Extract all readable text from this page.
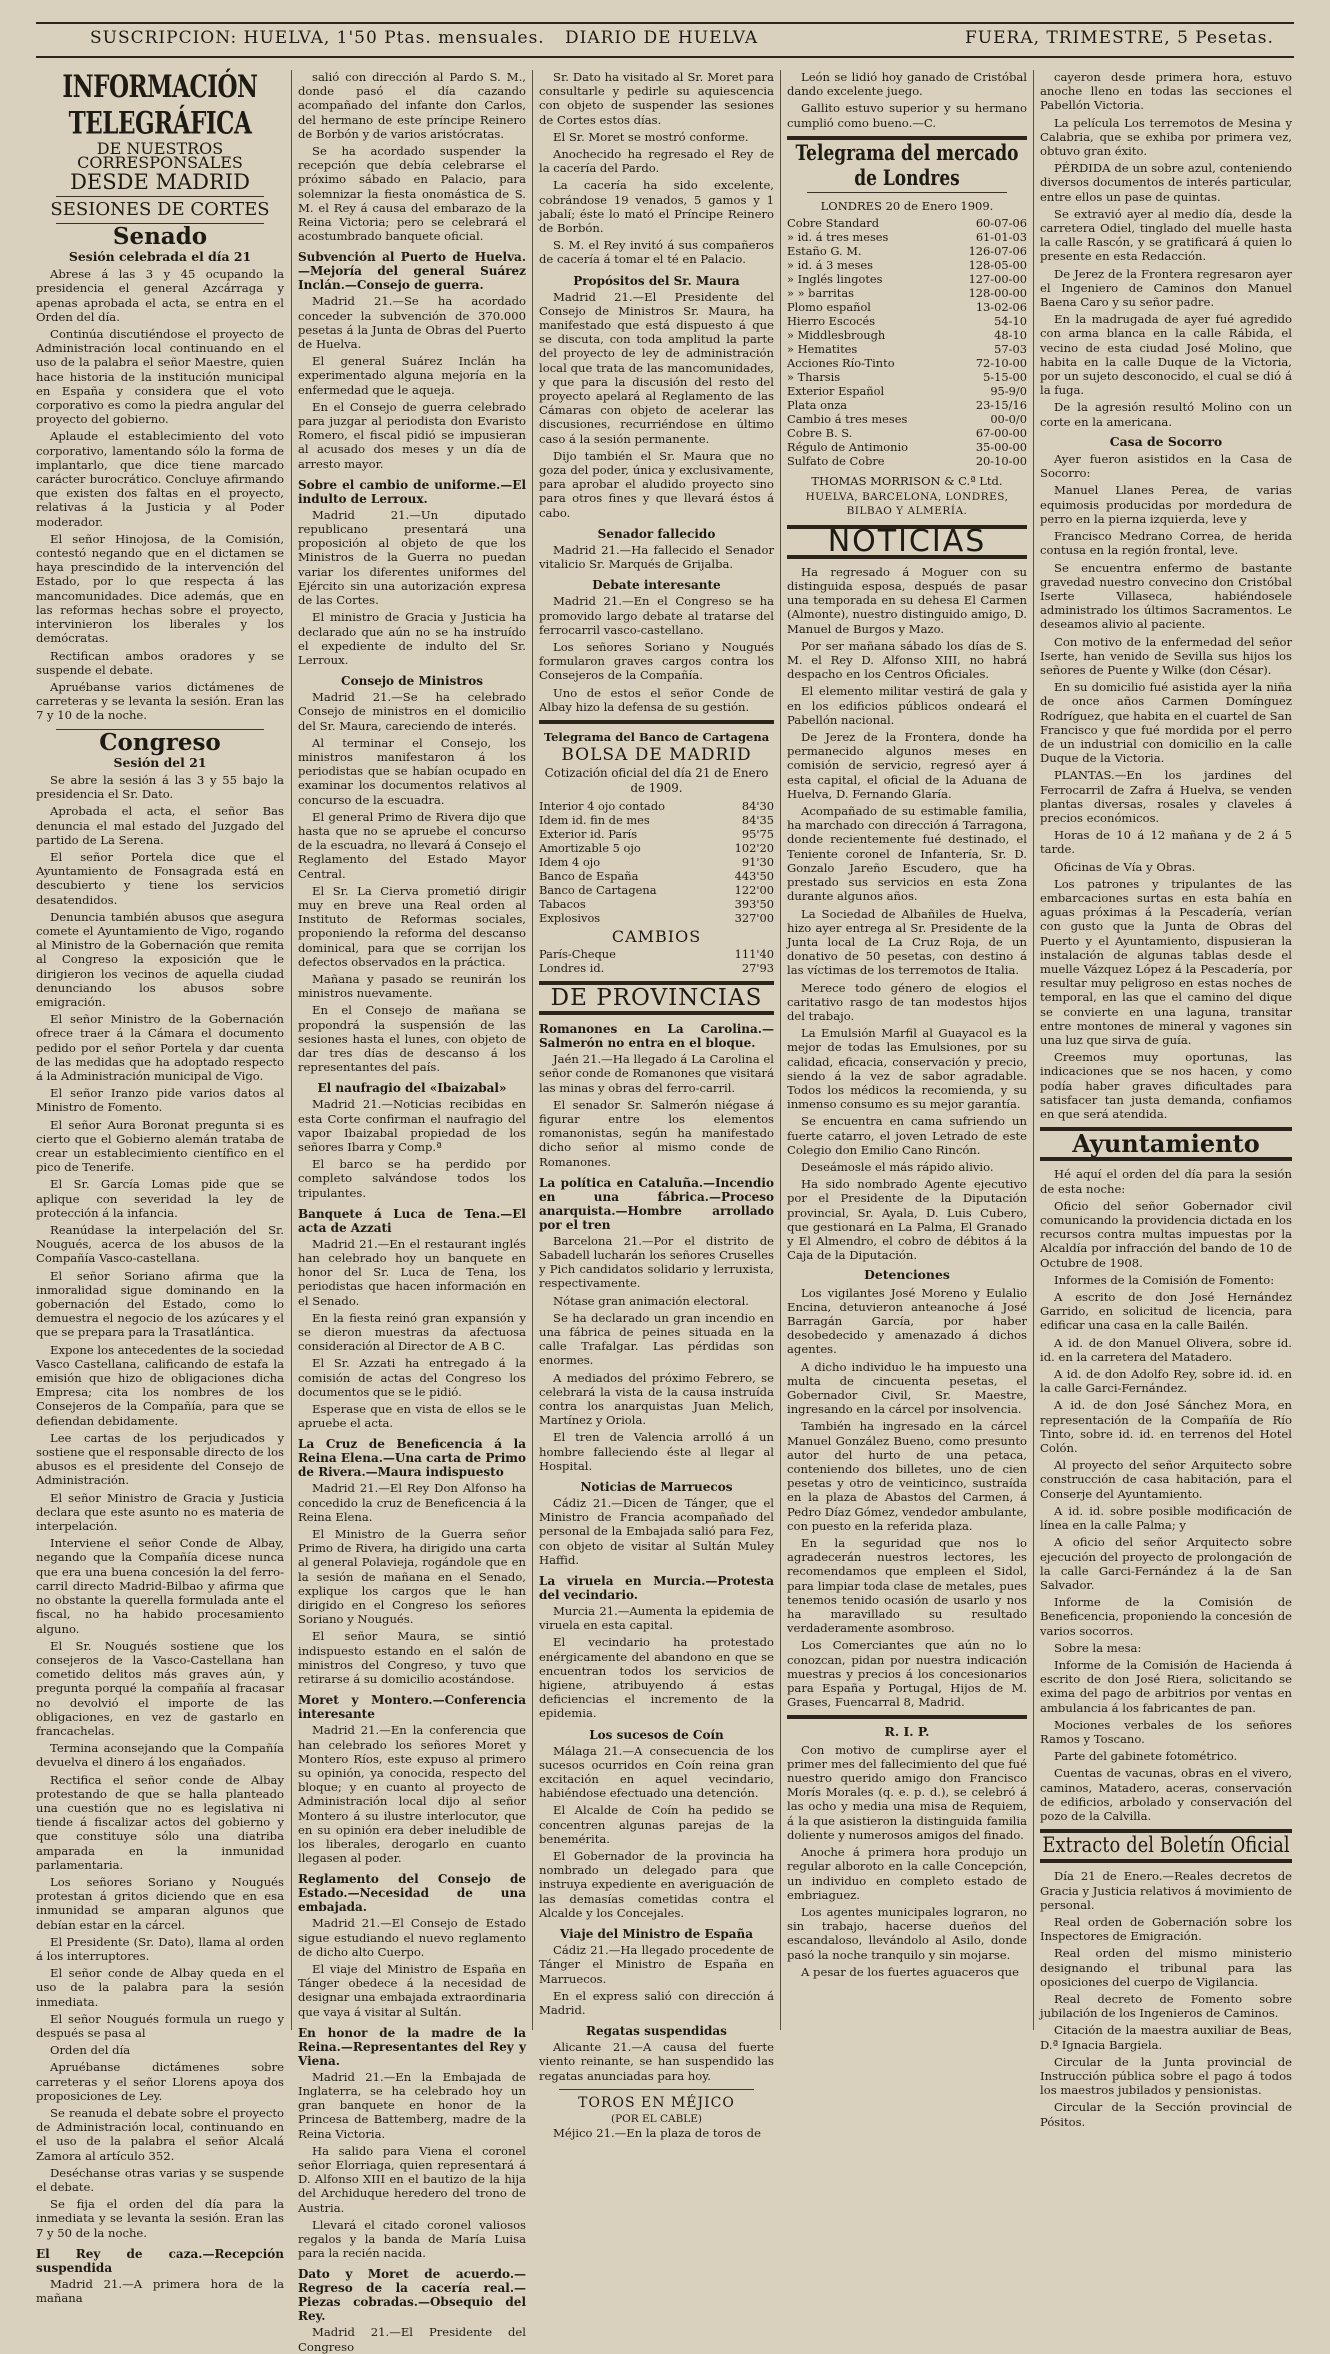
SUSCRIPCION: HUELVA, 1'50 Ptas. mensuales. DIARIO DE HUELVA	FUERA, TRIMESTRE, 5 Pesetas.
INFORMACIÓN TELEGRÁFICA
DE NUESTROS CORRESPONSALES
DESDE MADRID
SESIONES DE CORTES
Senado
Sesión celebrada el día 21

Abrese á las 3 y 45 ocupando la presidencia el general Azcárraga y apenas aprobada el acta, se entra en el Orden del día.

Continúa discutiéndose el proyecto de Administración local continuando en el uso de la palabra el señor Maestre, quien hace historia de la institución municipal en España y considera que el voto corporativo es como la piedra angular del proyecto del gobierno.

Aplaude el establecimiento del voto corporativo, lamentando sólo la forma de implantarlo, que dice tiene marcado carácter burocrático. Concluye afirmando que existen dos faltas en el proyecto, relativas á la Justicia y al Poder moderador.

El señor Hinojosa, de la Comisión, contestó negando que en el dictamen se haya prescindido de la intervención del Estado, por lo que respecta á las mancomunidades. Dice además, que en las reformas hechas sobre el proyecto, intervinieron los liberales y los demócratas.

Rectifican ambos oradores y se suspende el debate.

Apruébanse varios dictámenes de carreteras y se levanta la sesión. Eran las 7 y 10 de la noche.

Congreso
Sesión del 21

Se abre la sesión á las 3 y 55 bajo la presidencia el Sr. Dato.

Aprobada el acta, el señor Bas denuncia el mal estado del Juzgado del partido de La Serena.

El señor Portela dice que el Ayuntamiento de Fonsagrada está en descubierto y tiene los servicios desatendidos.

Denuncia también abusos que asegura comete el Ayuntamiento de Vigo, rogando al Ministro de la Gobernación que remita al Congreso la exposición que le dirigieron los vecinos de aquella ciudad denunciando los abusos sobre emigración.

El señor Ministro de la Gobernación ofrece traer á la Cámara el documento pedido por el señor Portela y dar cuenta de las medidas que ha adoptado respecto á la Administración municipal de Vigo.

El señor Iranzo pide varios datos al Ministro de Fomento.

El señor Aura Boronat pregunta si es cierto que el Gobierno alemán trataba de crear un establecimiento científico en el pico de Tenerife.

El Sr. García Lomas pide que se aplique con severidad la ley de protección á la infancia.

Reanúdase la interpelación del Sr. Nougués, acerca de los abusos de la Compañía Vasco-castellana.

El señor Soriano afirma que la inmoralidad sigue dominando en la gobernación del Estado, como lo demuestra el negocio de los azúcares y el que se prepara para la Trasatlántica.

Expone los antecedentes de la sociedad Vasco Castellana, calificando de estafa la emisión que hizo de obligaciones dicha Empresa; cita los nombres de los Consejeros de la Compañía, para que se defiendan debidamente.

Lee cartas de los perjudicados y sostiene que el responsable directo de los abusos es el presidente del Consejo de Administración.

El señor Ministro de Gracia y Justicia declara que este asunto no es materia de interpelación.

Interviene el señor Conde de Albay, negando que la Compañía dicese nunca que era una buena concesión la del ferro-carril directo Madrid-Bilbao y afirma que no obstante la querella formulada ante el fiscal, no ha habido procesamiento alguno.

El Sr. Nougués sostiene que los consejeros de la Vasco-Castellana han cometido delitos más graves aún, y pregunta porqué la compañía al fracasar no devolvió el importe de las obligaciones, en vez de gastarlo en francachelas.

Termina aconsejando que la Compañía devuelva el dinero á los engañados.

Rectifica el señor conde de Albay protestando de que se halla planteado una cuestión que no es legislativa ni tiende á fiscalizar actos del gobierno y que constituye sólo una diatriba amparada en la inmunidad parlamentaria.

Los señores Soriano y Nougués protestan á gritos diciendo que en esa inmunidad se amparan algunos que debían estar en la cárcel.

El Presidente (Sr. Dato), llama al orden á los interruptores.

El señor conde de Albay queda en el uso de la palabra para la sesión inmediata.

El señor Nougués formula un ruego y después se pasa al

Orden del día

Apruébanse dictámenes sobre carreteras y el señor Llorens apoya dos proposiciones de Ley.

Se reanuda el debate sobre el proyecto de Administración local, continuando en el uso de la palabra el señor Alcalá Zamora al artículo 352.

Deséchanse otras varias y se suspende el debate.

Se fija el orden del día para la inmediata y se levanta la sesión. Eran las 7 y 50 de la noche.

El Rey de caza.—Recepción suspendida

Madrid 21.—A primera hora de la mañana

salió con dirección al Pardo S. M., donde pasó el día cazando acompañado del infante don Carlos, del hermano de este príncipe Reinero de Borbón y de varios aristócratas.

Se ha acordado suspender la recepción que debía celebrarse el próximo sábado en Palacio, para solemnizar la fiesta onomástica de S. M. el Rey á causa del embarazo de la Reina Victoria; pero se celebrará el acostumbrado banquete oficial.

Subvención al Puerto de Huelva.—Mejoría del general Suárez Inclán.—Consejo de guerra.

Madrid 21.—Se ha acordado conceder la subvención de 370.000 pesetas á la Junta de Obras del Puerto de Huelva.

El general Suárez Inclán ha experimentado alguna mejoría en la enfermedad que le aqueja.

En el Consejo de guerra celebrado para juzgar al periodista don Evaristo Romero, el fiscal pidió se impusieran al acusado dos meses y un día de arresto mayor.

Sobre el cambio de uniforme.—El indulto de Lerroux.

Madrid 21.—Un diputado republicano presentará una proposición al objeto de que los Ministros de la Guerra no puedan variar los diferentes uniformes del Ejército sin una autorización expresa de las Cortes.

El ministro de Gracia y Justicia ha declarado que aún no se ha instruído el expediente de indulto del Sr. Lerroux.

Consejo de Ministros

Madrid 21.—Se ha celebrado Consejo de ministros en el domicilio del Sr. Maura, careciendo de interés.

Al terminar el Consejo, los ministros manifestaron á los periodistas que se habían ocupado en examinar los documentos relativos al concurso de la escuadra.

El general Primo de Rivera dijo que hasta que no se apruebe el concurso de la escuadra, no llevará á Consejo el Reglamento del Estado Mayor Central.

El Sr. La Cierva prometió dirigir muy en breve una Real orden al Instituto de Reformas sociales, proponiendo la reforma del descanso dominical, para que se corrijan los defectos observados en la práctica.

Mañana y pasado se reunirán los ministros nuevamente.

En el Consejo de mañana se propondrá la suspensión de las sesiones hasta el lunes, con objeto de dar tres días de descanso á los representantes del país.

El naufragio del «Ibaizabal»

Madrid 21.—Noticias recibidas en esta Corte confirman el naufragio del vapor Ibaizabal propiedad de los señores Ibarra y Comp.ª

El barco se ha perdido por completo salvándose todos los tripulantes.

Banquete á Luca de Tena.—El acta de Azzati

Madrid 21.—En el restaurant inglés han celebrado hoy un banquete en honor del Sr. Luca de Tena, los periodistas que hacen información en el Senado.

En la fiesta reinó gran expansión y se dieron muestras da afectuosa consideración al Director de A B C.

El Sr. Azzati ha entregado á la comisión de actas del Congreso los documentos que se le pidió.

Esperase que en vista de ellos se le apruebe el acta.

La Cruz de Beneficencia á la Reina Elena.—Una carta de Primo de Rivera.—Maura indispuesto

Madrid 21.—El Rey Don Alfonso ha concedido la cruz de Beneficencia á la Reina Elena.

El Ministro de la Guerra señor Primo de Rivera, ha dirigido una carta al general Polavieja, rogándole que en la sesión de mañana en el Senado, explique los cargos que le han dirigido en el Congreso los señores Soriano y Nougués.

El señor Maura, se sintió indispuesto estando en el salón de ministros del Congreso, y tuvo que retirarse á su domicilio acostándose.

Moret y Montero.—Conferencia interesante

Madrid 21.—En la conferencia que han celebrado los señores Moret y Montero Ríos, este expuso al primero su opinión, ya conocida, respecto del bloque; y en cuanto al proyecto de Administración local dijo al señor Montero á su ilustre interlocutor, que en su opinión era deber ineludible de los liberales, derogarlo en cuanto llegasen al poder.

Reglamento del Consejo de Estado.—Necesidad de una embajada.

Madrid 21.—El Consejo de Estado sigue estudiando el nuevo reglamento de dicho alto Cuerpo.

El viaje del Ministro de España en Tánger obedece á la necesidad de designar una embajada extraordinaria que vaya á visitar al Sultán.

En honor de la madre de la Reina.—Representantes del Rey y Viena.

Madrid 21.—En la Embajada de Inglaterra, se ha celebrado hoy un gran banquete en honor de la Princesa de Battemberg, madre de la Reina Victoria.

Ha salido para Viena el coronel señor Elorriaga, quien representará á D. Alfonso XIII en el bautizo de la hija del Archiduque heredero del trono de Austria.

Llevará el citado coronel valiosos regalos y la banda de María Luisa para la recién nacida.

Dato y Moret de acuerdo.—Regreso de la cacería real.—Piezas cobradas.—Obsequio del Rey.

Madrid 21.—El Presidente del Congreso

Sr. Dato ha visitado al Sr. Moret para consultarle y pedirle su aquiescencia con objeto de suspender las sesiones de Cortes estos días.

El Sr. Moret se mostró conforme.

Anochecido ha regresado el Rey de la cacería del Pardo.

La cacería ha sido excelente, cobrándose 19 venados, 5 gamos y 1 jabalí; éste lo mató el Príncipe Reinero de Borbón.

S. M. el Rey invitó á sus compañeros de cacería á tomar el té en Palacio.

Propósitos del Sr. Maura

Madrid 21.—El Presidente del Consejo de Ministros Sr. Maura, ha manifestado que está dispuesto á que se discuta, con toda amplitud la parte del proyecto de ley de administración local que trata de las mancomunidades, y que para la discusión del resto del proyecto apelará al Reglamento de las Cámaras con objeto de acelerar las discusiones, recurriéndose en último caso á la sesión permanente.

Dijo también el Sr. Maura que no goza del poder, única y exclusivamente, para aprobar el aludido proyecto sino para otros fines y que llevará éstos á cabo.

Senador fallecido

Madrid 21.—Ha fallecido el Senador vitalicio Sr. Marqués de Grijalba.

Debate interesante

Madrid 21.—En el Congreso se ha promovido largo debate al tratarse del ferrocarril vasco-castellano.

Los señores Soriano y Nougués formularon graves cargos contra los Consejeros de la Compañía.

Uno de estos el señor Conde de Albay hizo la defensa de su gestión.

Telegrama del Banco de Cartagena
BOLSA DE MADRID
Cotización oficial del día 21 de Enero de 1909.
Interior 4 ojo contado	84'30
Idem id. fin de mes	84'35
Exterior id. París	95'75
Amortizable 5 ojo	102'20
Idem 4 ojo	91'30
Banco de España	443'50
Banco de Cartagena	122'00
Tabacos	393'50
Explosivos	327'00
CAMBIOS
París-Cheque	111'40
Londres id.	27'93
DE PROVINCIAS
Romanones en La Carolina.—Salmerón no entra en el bloque.

Jaén 21.—Ha llegado á La Carolina el señor conde de Romanones que visitará las minas y obras del ferro-carril.

El senador Sr. Salmerón niégase á figurar entre los elementos romanonistas, según ha manifestado dicho señor al mismo conde de Romanones.

La política en Cataluña.—Incendio en una fábrica.—Proceso anarquista.—Hombre arrollado por el tren

Barcelona 21.—Por el distrito de Sabadell lucharán los señores Cruselles y Pich candidatos solidario y lerruxista, respectivamente.

Nótase gran animación electoral.

Se ha declarado un gran incendio en una fábrica de peines situada en la calle Trafalgar. Las pérdidas son enormes.

A mediados del próximo Febrero, se celebrará la vista de la causa instruída contra los anarquistas Juan Melich, Martínez y Oriola.

El tren de Valencia arrolló á un hombre falleciendo éste al llegar al Hospital.

Noticias de Marruecos

Cádiz 21.—Dicen de Tánger, que el Ministro de Francia acompañado del personal de la Embajada salió para Fez, con objeto de visitar al Sultán Muley Haffid.

La viruela en Murcia.—Protesta del vecindario.

Murcia 21.—Aumenta la epidemia de viruela en esta capital.

El vecindario ha protestado enérgicamente del abandono en que se encuentran todos los servicios de higiene, atribuyendo á estas deficiencias el incremento de la epidemia.

Los sucesos de Coín

Málaga 21.—A consecuencia de los sucesos ocurridos en Coín reina gran excitación en aquel vecindario, habiéndose efectuado una detención.

El Alcalde de Coín ha pedido se concentren algunas parejas de la benemérita.

El Gobernador de la provincia ha nombrado un delegado para que instruya expediente en averiguación de las demasías cometidas contra el Alcalde y los Concejales.

Viaje del Ministro de España

Cádiz 21.—Ha llegado procedente de Tánger el Ministro de España en Marruecos.

En el express salió con dirección á Madrid.

Regatas suspendidas

Alicante 21.—A causa del fuerte viento reinante, se han suspendido las regatas anunciadas para hoy.

TOROS EN MÉJICO
(POR EL CABLE)

Méjico 21.—En la plaza de toros de

León se lidió hoy ganado de Cristóbal dando excelente juego.

Gallito estuvo superior y su hermano cumplió como bueno.—C.

Telegrama del mercado de Londres
LONDRES 20 de Enero 1909.
Cobre Standard	60-07-06
» id. á tres meses	61-01-03
Estaño G. M.	126-07-06
» id. á 3 meses	128-05-00
» Inglés lingotes	127-00-00
» » barritas	128-00-00
Plomo español	13-02-06
Hierro Escocés	54-10
» Middlesbrough	48-10
» Hematites	57-03
Acciones Río-Tinto	72-10-00
» Tharsis	5-15-00
Exterior Español	95-9/0
Plata onza	23-15/16
Cambio á tres meses	00-0/0
Cobre B. S.	67-00-00
Régulo de Antimonio	35-00-00
Sulfato de Cobre	20-10-00
THOMAS MORRISON & C.ª Ltd.
HUELVA, BARCELONA, LONDRES, BILBAO Y ALMERÍA.
NOTICIAS

Ha regresado á Moguer con su distinguida esposa, después de pasar una temporada en su dehesa El Carmen (Almonte), nuestro distinguido amigo, D. Manuel de Burgos y Mazo.

Por ser mañana sábado los días de S. M. el Rey D. Alfonso XIII, no habrá despacho en los Centros Oficiales.

El elemento militar vestirá de gala y en los edificios públicos ondeará el Pabellón nacional.

De Jerez de la Frontera, donde ha permanecido algunos meses en comisión de servicio, regresó ayer á esta capital, el oficial de la Aduana de Huelva, D. Fernando Glaría.

Acompañado de su estimable familia, ha marchado con dirección á Tarragona, donde recientemente fué destinado, el Teniente coronel de Infantería, Sr. D. Gonzalo Jareño Escudero, que ha prestado sus servicios en esta Zona durante algunos años.

La Sociedad de Albañiles de Huelva, hizo ayer entrega al Sr. Presidente de la Junta local de La Cruz Roja, de un donativo de 50 pesetas, con destino á las víctimas de los terremotos de Italia.

Merece todo género de elogios el caritativo rasgo de tan modestos hijos del trabajo.

La Emulsión Marfil al Guayacol es la mejor de todas las Emulsiones, por su calidad, eficacia, conservación y precio, siendo á la vez de sabor agradable. Todos los médicos la recomienda, y su inmenso consumo es su mejor garantía.

Se encuentra en cama sufriendo un fuerte catarro, el joven Letrado de este Colegio don Emilio Cano Rincón.

Deseámosle el más rápido alivio.

Ha sido nombrado Agente ejecutivo por el Presidente de la Diputación provincial, Sr. Ayala, D. Luis Cubero, que gestionará en La Palma, El Granado y El Almendro, el cobro de débitos á la Caja de la Diputación.

Detenciones

Los vigilantes José Moreno y Eulalio Encina, detuvieron anteanoche á José Barragán García, por haber desobedecido y amenazado á dichos agentes.

A dicho individuo le ha impuesto una multa de cincuenta pesetas, el Gobernador Civil, Sr. Maestre, ingresando en la cárcel por insolvencia.

También ha ingresado en la cárcel Manuel González Bueno, como presunto autor del hurto de una petaca, conteniendo dos billetes, uno de cien pesetas y otro de veinticinco, sustraída en la plaza de Abastos del Carmen, á Pedro Díaz Gómez, vendedor ambulante, con puesto en la referida plaza.

En la seguridad que nos lo agradecerán nuestros lectores, les recomendamos que empleen el Sidol, para limpiar toda clase de metales, pues tenemos tenido ocasión de usarlo y nos ha maravillado su resultado verdaderamente asombroso.

Los Comerciantes que aún no lo conozcan, pidan por nuestra indicación muestras y precios á los concesionarios para España y Portugal, Hijos de M. Grases, Fuencarral 8, Madrid.

R. I. P.

Con motivo de cumplirse ayer el primer mes del fallecimiento del que fué nuestro querido amigo don Francisco Morís Morales (q. e. p. d.), se celebró á las ocho y media una misa de Requiem, á la que asistieron la distinguida familia doliente y numerosos amigos del finado.

Anoche á primera hora produjo un regular alboroto en la calle Concepción, un individuo en completo estado de embriaguez.

Los agentes municipales lograron, no sin trabajo, hacerse dueños del escandaloso, llevándolo al Asilo, donde pasó la noche tranquilo y sin mojarse.

A pesar de los fuertes aguaceros que

cayeron desde primera hora, estuvo anoche lleno en todas las secciones el Pabellón Victoria.

La película Los terremotos de Mesina y Calabria, que se exhiba por primera vez, obtuvo gran éxito.

PÉRDIDA de un sobre azul, conteniendo diversos documentos de interés particular, entre ellos un pase de quintas.

Se extravió ayer al medio día, desde la carretera Odiel, tinglado del muelle hasta la calle Rascón, y se gratificará á quien lo presente en esta Redacción.

De Jerez de la Frontera regresaron ayer el Ingeniero de Caminos don Manuel Baena Caro y su señor padre.

En la madrugada de ayer fué agredido con arma blanca en la calle Rábida, el vecino de esta ciudad José Molino, que habita en la calle Duque de la Victoria, por un sujeto desconocido, el cual se dió á la fuga.

De la agresión resultó Molino con un corte en la americana.

Casa de Socorro

Ayer fueron asistidos en la Casa de Socorro:

Manuel Llanes Perea, de varias equimosis producidas por mordedura de perro en la pierna izquierda, leve y

Francisco Medrano Correa, de herida contusa en la región frontal, leve.

Se encuentra enfermo de bastante gravedad nuestro convecino don Cristóbal Iserte Villaseca, habiéndosele administrado los últimos Sacramentos. Le deseamos alivio al paciente.

Con motivo de la enfermedad del señor Iserte, han venido de Sevilla sus hijos los señores de Puente y Wilke (don César).

En su domicilio fué asistida ayer la niña de once años Carmen Domínguez Rodríguez, que habita en el cuartel de San Francisco y que fué mordida por el perro de un industrial con domicilio en la calle Duque de la Victoria.

PLANTAS.—En los jardines del Ferrocarril de Zafra á Huelva, se venden plantas diversas, rosales y claveles á precios económicos.

Horas de 10 á 12 mañana y de 2 á 5 tarde.

Oficinas de Vía y Obras.

Los patrones y tripulantes de las embarcaciones surtas en esta bahía en aguas próximas á la Pescadería, verían con gusto que la Junta de Obras del Puerto y el Ayuntamiento, dispusieran la instalación de algunas tablas desde el muelle Vázquez López á la Pescadería, por resultar muy peligroso en estas noches de temporal, en las que el camino del dique se convierte en una laguna, transitar entre montones de mineral y vagones sin una luz que sirva de guía.

Creemos muy oportunas, las indicaciones que se nos hacen, y como podía haber graves dificultades para satisfacer tan justa demanda, confiamos en que será atendida.

Ayuntamiento

Hé aquí el orden del día para la sesión de esta noche:

Oficio del señor Gobernador civil comunicando la providencia dictada en los recursos contra multas impuestas por la Alcaldía por infracción del bando de 10 de Octubre de 1908.

Informes de la Comisión de Fomento:

A escrito de don José Hernández Garrido, en solicitud de licencia, para edificar una casa en la calle Bailén.

A id. de don Manuel Olivera, sobre id. id. en la carretera del Matadero.

A id. de don Adolfo Rey, sobre id. id. en la calle Garci-Fernández.

A id. de don José Sánchez Mora, en representación de la Compañía de Río Tinto, sobre id. id. en terrenos del Hotel Colón.

Al proyecto del señor Arquitecto sobre construcción de casa habitación, para el Conserje del Ayuntamiento.

A id. id. sobre posible modificación de línea en la calle Palma; y

A oficio del señor Arquitecto sobre ejecución del proyecto de prolongación de la calle Garci-Fernández á la de San Salvador.

Informe de la Comisión de Beneficencia, proponiendo la concesión de varios socorros.

Sobre la mesa:

Informe de la Comisión de Hacienda á escrito de don José Riera, solicitando se exima del pago de arbitrios por ventas en ambulancia á los fabricantes de pan.

Mociones verbales de los señores Ramos y Toscano.

Parte del gabinete fotométrico.

Cuentas de vacunas, obras en el vivero, caminos, Matadero, aceras, conservación de edificios, arbolado y conservación del pozo de la Calvilla.

Extracto del Boletín Oficial

Día 21 de Enero.—Reales decretos de Gracia y Justicia relativos á movimiento de personal.

Real orden de Gobernación sobre los Inspectores de Emigración.

Real orden del mismo ministerio designando el tribunal para las oposiciones del cuerpo de Vigilancia.

Real decreto de Fomento sobre jubilación de los Ingenieros de Caminos.

Citación de la maestra auxiliar de Beas, D.ª Ignacia Bargiela.

Circular de la Junta provincial de Instrucción pública sobre el pago á todos los maestros jubilados y pensionistas.

Circular de la Sección provincial de Pósitos.
